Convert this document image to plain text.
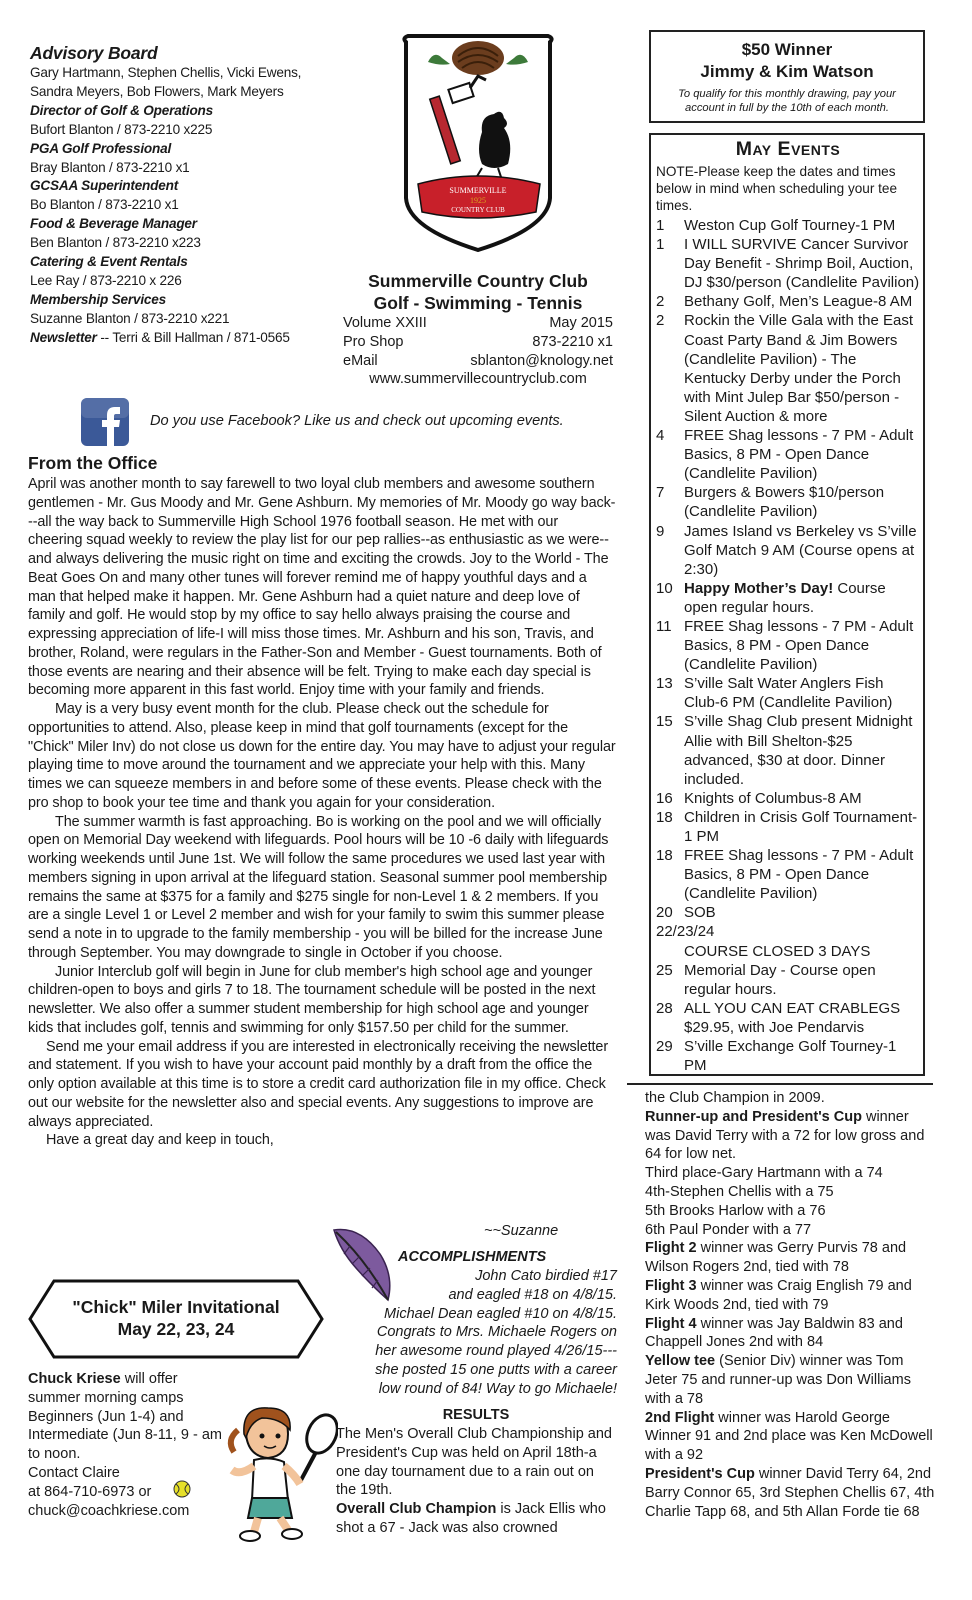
Advisory Board
Gary Hartmann, Stephen Chellis, Vicki Ewens,
Sandra Meyers, Bob Flowers, Mark Meyers
Director of Golf & Operations
Bufort Blanton / 873-2210 x225
PGA Golf Professional
Bray Blanton / 873-2210 x1
GCSAA Superintendent
Bo Blanton / 873-2210 x1
Food & Beverage Manager
Ben Blanton / 873-2210 x223
Catering & Event Rentals
Lee Ray / 873-2210 x 226
Membership Services
Suzanne Blanton / 873-2210 x221
Newsletter -- Terri & Bill Hallman / 871-0565
SUMMERVILLE
1925
COUNTRY CLUB
Summerville Country Club
Golf - Swimming - Tennis
Volume XXIII	May 2015
Pro Shop	873-2210 x1
eMail	sblanton@knology.net
www.summervillecountryclub.com
Do you use Facebook? Like us and check out upcoming events.
$50 Winner
Jimmy & Kim Watson
To qualify for this monthly drawing, pay your account in full by the 10th of each month.
May Events
NOTE-Please keep the dates and times below in mind when scheduling your tee times.
1	Weston Cup Golf Tourney-1 PM
1	I WILL SURVIVE Cancer Survivor Day Benefit - Shrimp Boil, Auction, DJ $30/person (Candlelite Pavilion)
2	Bethany Golf, Men’s League-8 AM
2	Rockin the Ville Gala with the East Coast Party Band & Jim Bowers (Candlelite Pavilion) - The Kentucky Derby under the Porch with Mint Julep Bar $50/person - Silent Auction & more
4	FREE Shag lessons - 7 PM - Adult Basics, 8 PM - Open Dance (Candlelite Pavilion)
7	Burgers & Bowers $10/person (Candlelite Pavilion)
9	James Island vs Berkeley vs S’ville Golf Match 9 AM (Course opens at 2:30)
10 Happy Mother’s Day! Course open regular hours.
11 FREE Shag lessons - 7 PM - Adult Basics, 8 PM - Open Dance (Candlelite Pavilion)
13 S’ville Salt Water Anglers Fish Club-6 PM (Candlelite Pavilion)
15 S’ville Shag Club present Midnight Allie with Bill Shelton-$25 advanced, $30 at door. Dinner included.
16 Knights of Columbus-8 AM
18 Children in Crisis Golf Tournament-1 PM
18 FREE Shag lessons - 7 PM - Adult Basics, 8 PM - Open Dance (Candlelite Pavilion)
20 SOB
22/23/24
COURSE CLOSED 3 DAYS
25 Memorial Day - Course open regular hours.
28 ALL YOU CAN EAT CRABLEGS $29.95, with Joe Pendarvis
29 S’ville Exchange Golf Tourney-1 PM
From the Office

April was another month to say farewell to two loyal club members and awesome southern gentlemen - Mr. Gus Moody and Mr. Gene Ashburn. My memories of Mr. Moody go way back---all the way back to Summerville High School 1976 football season. He met with our cheering squad weekly to review the play list for our pep rallies--as enthusiastic as we were--and always delivering the music right on time and exciting the crowds. Joy to the World - The Beat Goes On and many other tunes will forever remind me of happy youthful days and a man that helped make it happen. Mr. Gene Ashburn had a quiet nature and deep love of family and golf. He would stop by my office to say hello always praising the course and expressing appreciation of life-I will miss those times. Mr. Ashburn and his son, Travis, and brother, Roland, were regulars in the Father-Son and Member - Guest tournaments. Both of those events are nearing and their absence will be felt. Trying to make each day special is becoming more apparent in this fast world. Enjoy time with your family and friends.

May is a very busy event month for the club. Please check out the schedule for opportunities to attend. Also, please keep in mind that golf tournaments (except for the "Chick" Miler Inv) do not close us down for the entire day. You may have to adjust your regular playing time to move around the tournament and we appreciate your help with this. Many times we can squeeze members in and before some of these events. Please check with the pro shop to book your tee time and thank you again for your consideration.

The summer warmth is fast approaching. Bo is working on the pool and we will officially open on Memorial Day weekend with lifeguards. Pool hours will be 10 -6 daily with lifeguards working weekends until June 1st. We will follow the same procedures we used last year with members signing in upon arrival at the lifeguard station. Seasonal summer pool membership remains the same at $375 for a family and $275 single for non-Level 1 & 2 members. If you are a single Level 1 or Level 2 member and wish for your family to swim this summer please send a note in to upgrade to the family membership - you will be billed for the increase June through September. You may downgrade to single in October if you choose.

Junior Interclub golf will begin in June for club member's high school age and younger children-open to boys and girls 7 to 18. The tournament schedule will be posted in the next newsletter. We also offer a summer student membership for high school age and younger kids that includes golf, tennis and swimming for only $157.50 per child for the summer.

Send me your email address if you are interested in electronically receiving the newsletter and statement. If you wish to have your account paid monthly by a draft from the office the only option available at this time is to store a credit card authorization file in my office. Check out our website for the newsletter also and special events. Any suggestions to improve are always appreciated.

Have a great day and keep in touch,

~~Suzanne
the Club Champion in 2009.
Runner-up and President's Cup winner was David Terry with a 72 for low gross and 64 for low net.
Third place-Gary Hartmann with a 74
4th-Stephen Chellis with a 75
5th Brooks Harlow with a 76
6th Paul Ponder with a 77
Flight 2 winner was Gerry Purvis 78 and Wilson Rogers 2nd, tied with 78
Flight 3 winner was Craig English 79 and Kirk Woods 2nd, tied with 79
Flight 4 winner was Jay Baldwin 83 and Chappell Jones 2nd with 84
Yellow tee (Senior Div) winner was Tom Jeter 75 and runner-up was Don Williams with a 78
2nd Flight winner was Harold George Winner 91 and 2nd place was Ken McDowell with a 92
President's Cup winner David Terry 64, 2nd Barry Connor 65, 3rd Stephen Chellis 67, 4th Charlie Tapp 68, and 5th Allan Forde tie 68
"Chick" Miler Invitational
May 22, 23, 24
Chuck Kriese will offer summer morning camps Beginners (Jun 1-4) and Intermediate (Jun 8-11, 9 - am to noon.
Contact Claire
at 864-710-6973 or
chuck@coachkriese.com
ACCOMPLISHMENTS
John Cato birdied #17
and eagled #18 on 4/8/15.
Michael Dean eagled #10 on 4/8/15.
Congrats to Mrs. Michaele Rogers on
her awesome round played 4/26/15---
she posted 15 one putts with a career
low round of 84! Way to go Michaele!
RESULTS
The Men's Overall Club Championship and President's Cup was held on April 18th-a one day tournament due to a rain out on the 19th.
Overall Club Champion is Jack Ellis who shot a 67 - Jack was also crowned
